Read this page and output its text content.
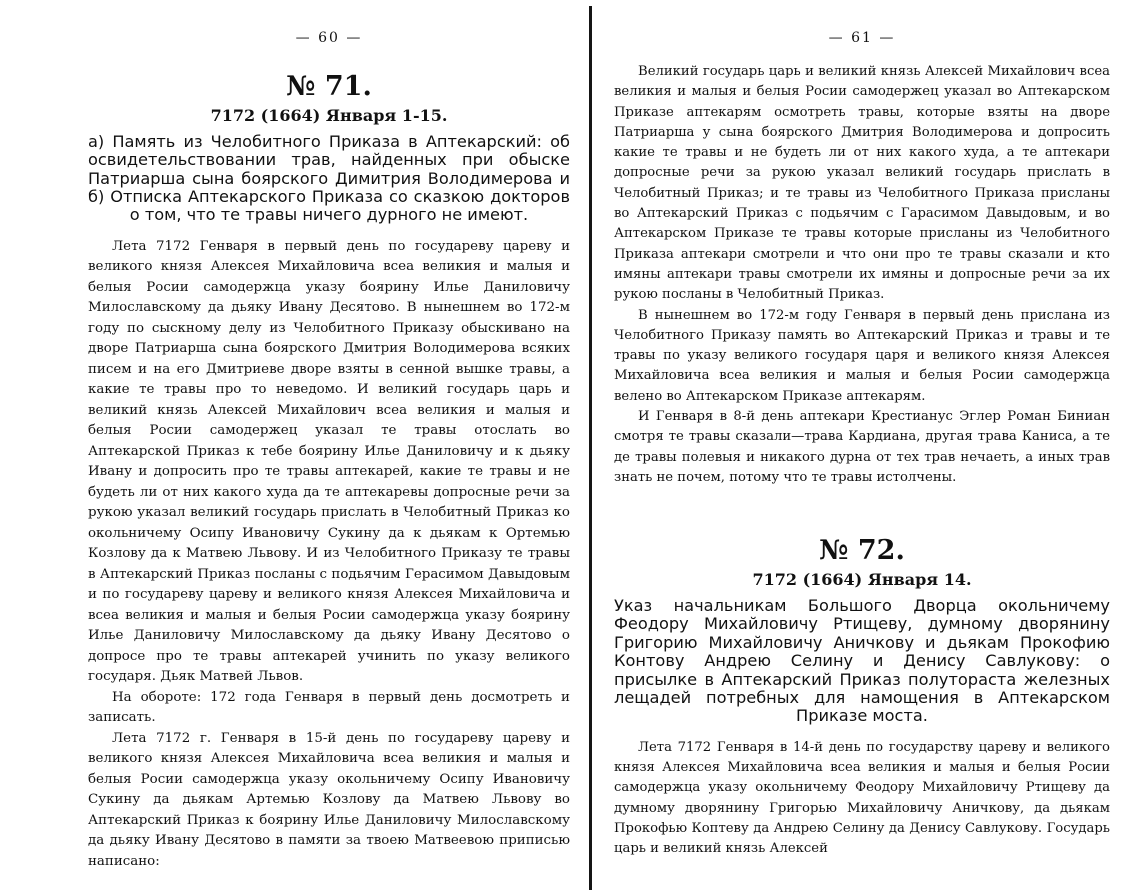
— 60 —
№ 71.
7172 (1664) Января 1-15.
а) Память из Челобитного Приказа в Аптекарский: об освидетельствовании трав, найденных при обыске Патриарша сына боярского Димитрия Володимерова и б) Отписка Аптекарского Приказа со сказкою докторов о том, что те травы ничего дурного не имеют.

Лета 7172 Генваря в первый день по государеву цареву и великого князя Алексея Михайловича всеа великия и малыя и белыя Росии самодержца указу боярину Илье Даниловичу Милославскому да дьяку Ивану Десятово. В нынешнем во 172-м году по сыскному делу из Челобитного Приказу обыскивано на дворе Патриарша сына боярского Дмитрия Володимерова всяких писем и на его Дмитриеве дворе взяты в сенной вышке травы, а какие те травы про то неведомо. И великий государь царь и великий князь Алексей Михайлович всеа великия и малыя и белыя Росии самодержец указал те травы отослать во Аптекарской Приказ к тебе боярину Илье Даниловичу и к дьяку Ивану и допросить про те травы аптекарей, какие те травы и не будеть ли от них какого худа да те аптекаревы допросные речи за рукою указал великий государь прислать в Челобитный Приказ ко окольничему Осипу Ивановичу Сукину да к дьякам к Ортемью Козлову да к Матвею Львову. И из Челобитного Приказу те травы в Аптекарский Приказ посланы с подьячим Герасимом Давыдовым и по государеву цареву и великого князя Алексея Михайловича и всеа великия и малыя и белыя Росии самодержца указу боярину Илье Даниловичу Милославскому да дьяку Ивану Десятово о допросе про те травы аптекарей учинить по указу великого государя. Дьяк Матвей Львов.

На обороте: 172 года Генваря в первый день досмотреть и записать.

Лета 7172 г. Генваря в 15-й день по государеву цареву и великого князя Алексея Михайловича всеа великия и малыя и белыя Росии самодержца указу окольничему Осипу Ивановичу Сукину да дьякам Артемью Козлову да Матвею Львову во Аптекарский Приказ к боярину Илье Даниловичу Милославскому да дьяку Ивану Десятово в памяти за твоею Матвеевою приписью написано:

— 61 —

Великий государь царь и великий князь Алексей Михайлович всеа великия и малыя и белыя Росии самодержец указал во Аптекарском Приказе аптекарям осмотреть травы, которые взяты на дворе Патриарша у сына боярского Дмитрия Володимерова и допросить какие те травы и не будеть ли от них какого худа, а те аптекари допросные речи за рукою указал великий государь прислать в Челобитный Приказ; и те травы из Челобитного Приказа присланы во Аптекарский Приказ с подьячим с Гарасимом Давыдовым, и во Аптекарском Приказе те травы которые присланы из Челобитного Приказа аптекари смотрели и что они про те травы сказали и кто имяны аптекари травы смотрели их имяны и допросные речи за их рукою посланы в Челобитный Приказ.

В нынешнем во 172-м году Генваря в первый день прислана из Челобитного Приказу память во Аптекарский Приказ и травы и те травы по указу великого государя царя и великого князя Алексея Михайловича всеа великия и малыя и белыя Росии самодержца велено во Аптекарском Приказе аптекарям.

И Генваря в 8-й день аптекари Крестианус Эглер Роман Биниан смотря те травы сказали—трава Кардиана, другая трава Каниса, а те де травы полевыя и никакого дурна от тех трав нечаеть, а иных трав знать не почем, потому что те травы истолчены.

№ 72.
7172 (1664) Января 14.
Указ начальникам Большого Дворца окольничему Феодору Михайловичу Ртищеву, думному дворянину Григорию Михайловичу Аничкову и дьякам Прокофию Контову Андрею Селину и Денису Савлукову: о присылке в Аптекарский Приказ полутораста железных лещадей потребных для намощения в Аптекарском Приказе моста.

Лета 7172 Генваря в 14-й день по государству цареву и великого князя Алексея Михайловича всеа великия и малыя и белыя Росии самодержца указу окольничему Феодору Михайловичу Ртищеву да думному дворянину Григорью Михайловичу Аничкову, да дьякам Прокофью Коптеву да Андрею Селину да Денису Савлукову. Государь царь и великий князь Алексей
